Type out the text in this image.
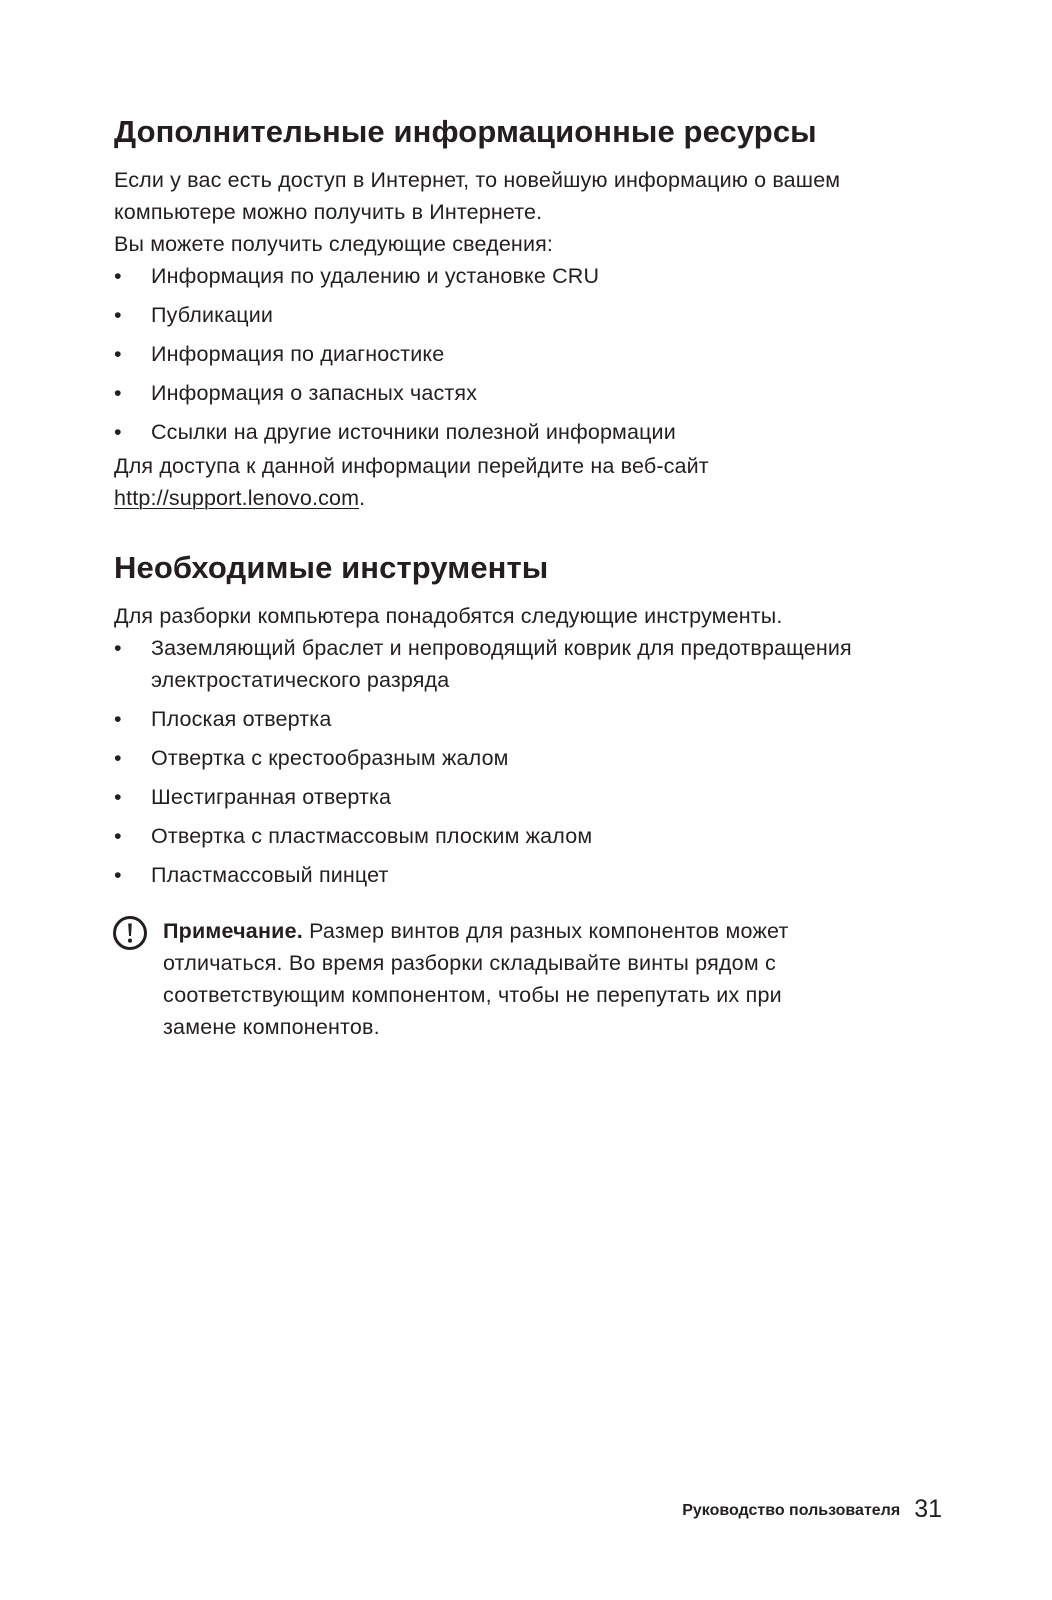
Дополнительные информационные ресурсы

Если у вас есть доступ в Интернет, то новейшую информацию о вашем
компьютере можно получить в Интернете.

Вы можете получить следующие сведения:

•	Информация по удалению и установке CRU
•	Публикации
•	Информация по диагностике
•	Информация о запасных частях
•	Ссылки на другие источники полезной информации

Для доступа к данной информации перейдите на веб-сайт
http://support.lenovo.com.

Необходимые инструменты

Для разборки компьютера понадобятся следующие инструменты.

•	Заземляющий браслет и непроводящий коврик для предотвращения
электростатического разряда
•	Плоская отвертка
•	Отвертка с крестообразным жалом
•	Шестигранная отвертка
•	Отвертка с пластмассовым плоским жалом
•	Пластмассовый пинцет

Примечание. Размер винтов для разных компонентов может
отличаться. Во время разборки складывайте винты рядом с
соответствующим компонентом, чтобы не перепутать их при
замене компонентов.

Руководство пользователя 31
